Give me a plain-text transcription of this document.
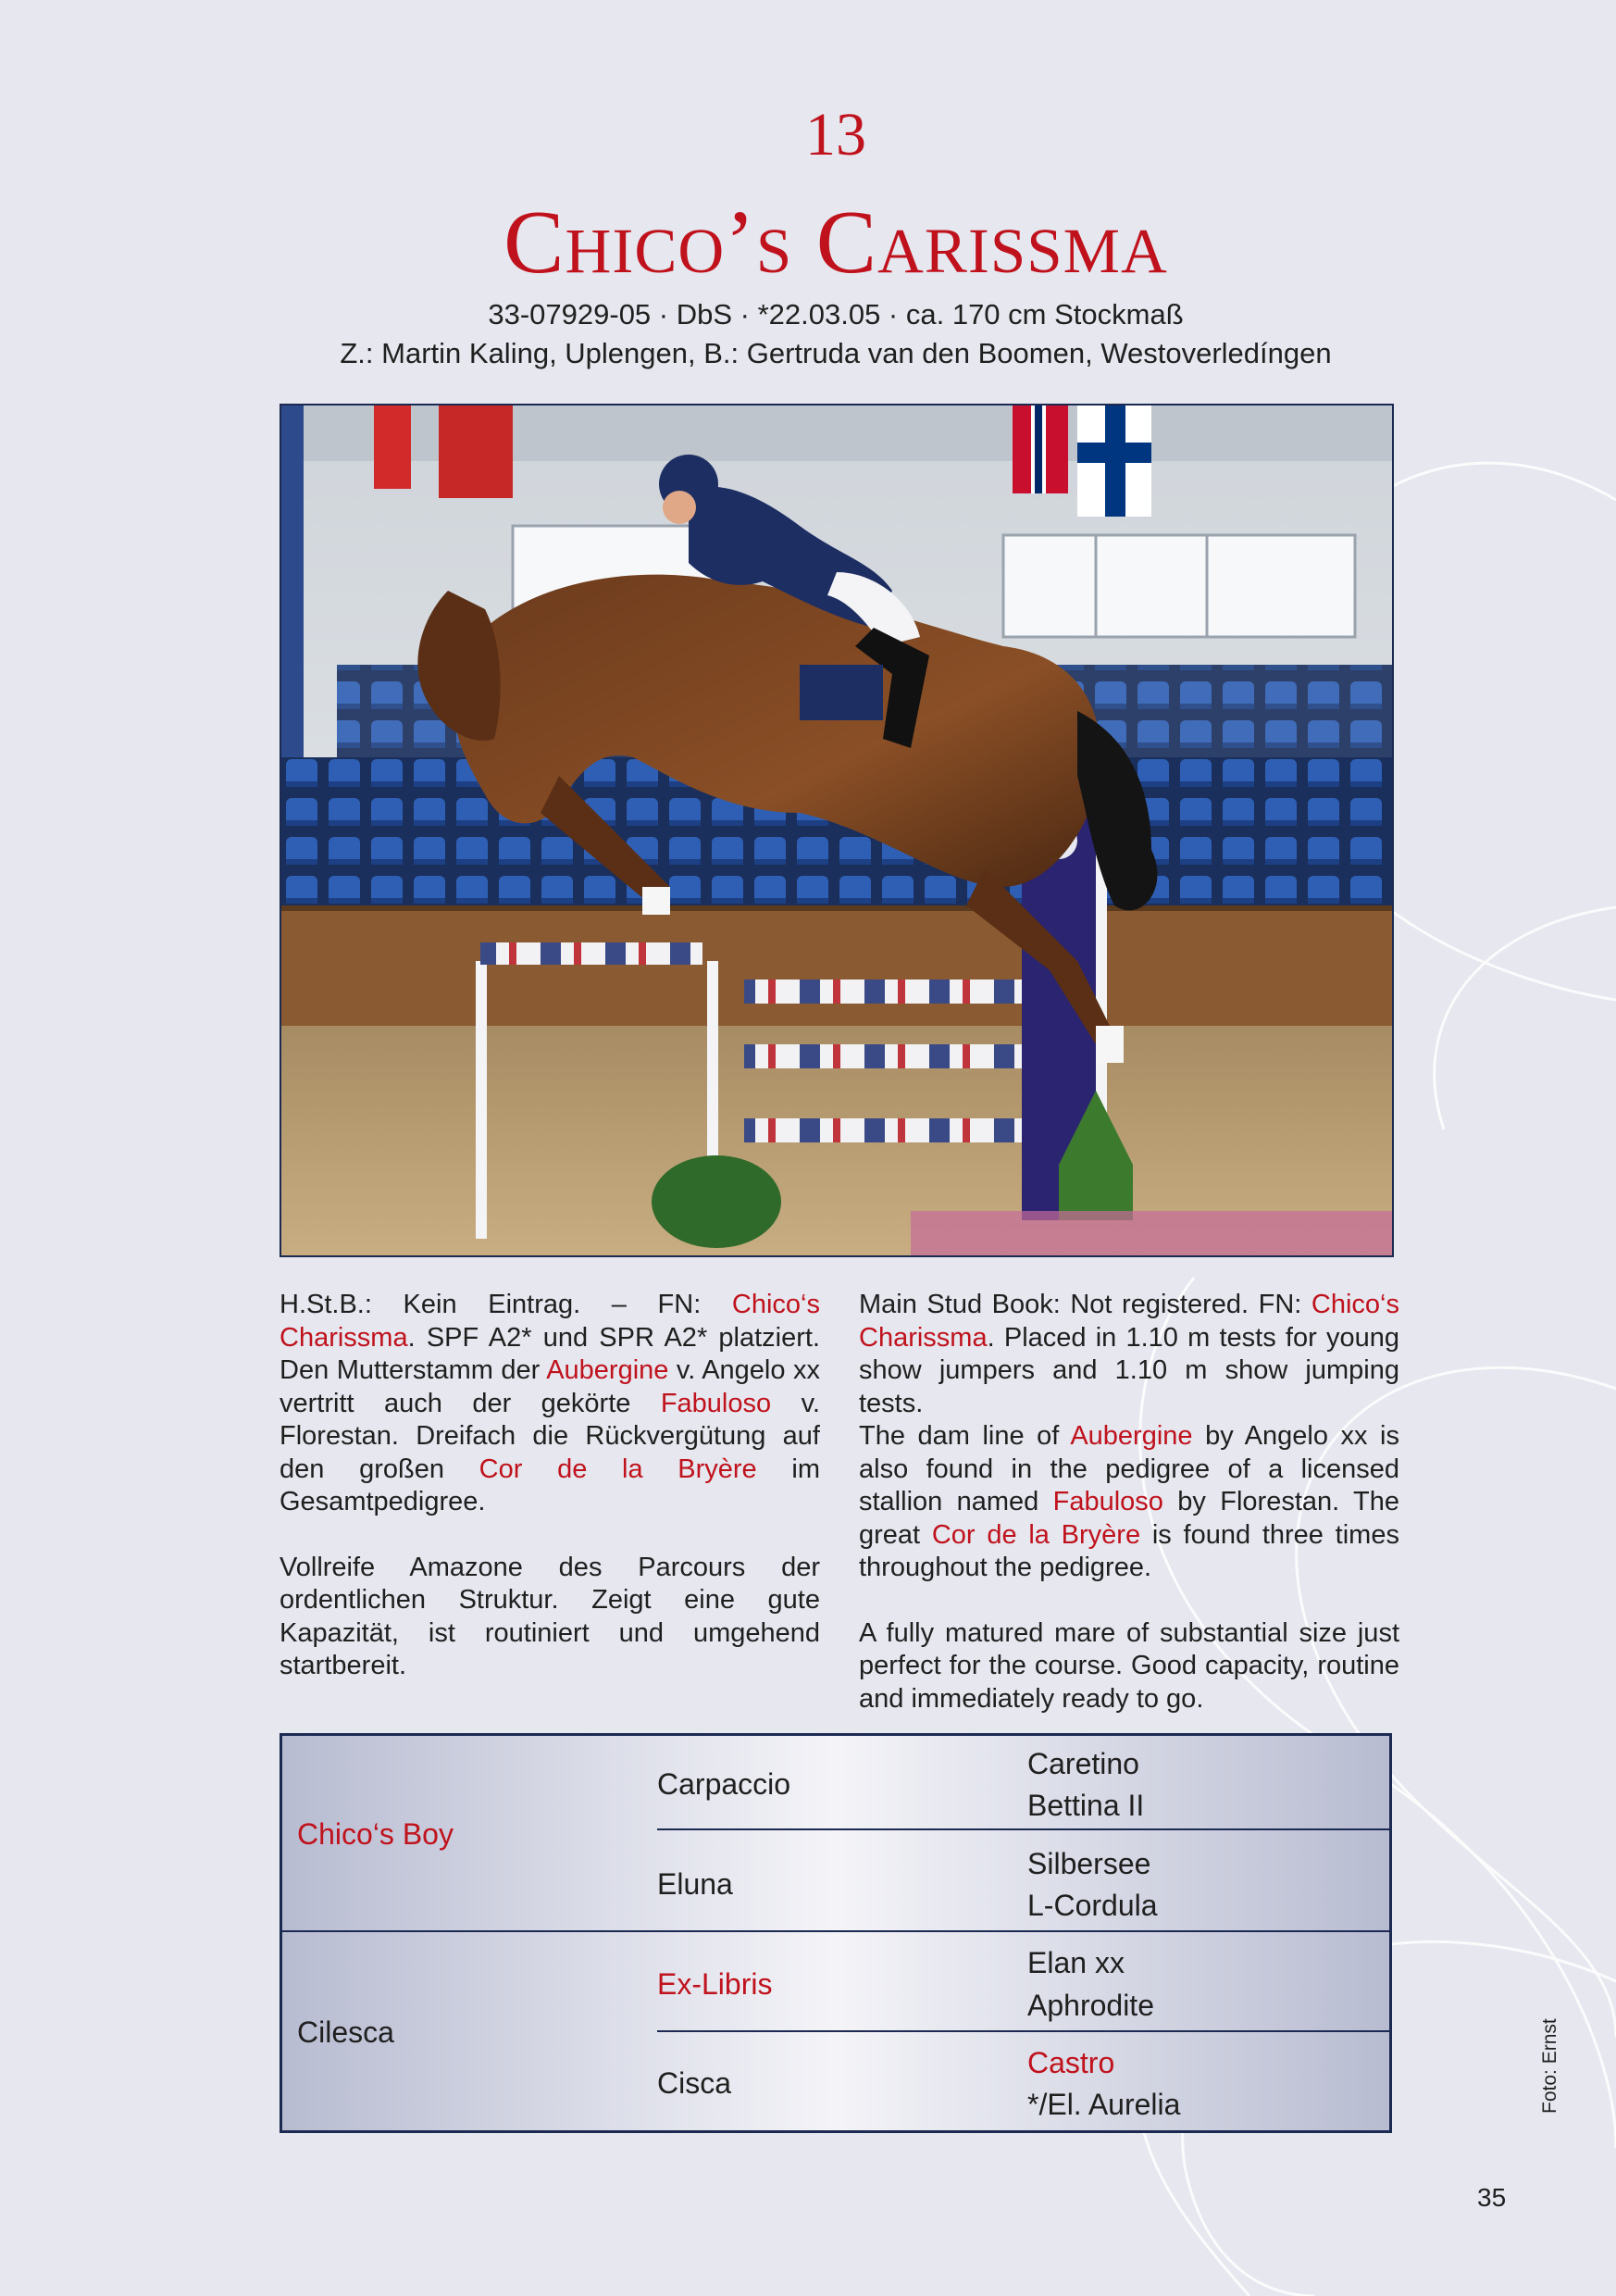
13
Chico’s Carissma
33-07929-05 · DbS · *22.03.05 · ca. 170 cm Stockmaß
Z.: Martin Kaling, Uplengen, B.: Gertruda van den Boomen, Westoverledíngen

H.St.B.: Kein Eintrag. – FN: Chico‘s Charissma. SPF A2* und SPR A2* platziert. Den Mutterstamm der Aubergine v. Angelo xx vertritt auch der gekörte Fabuloso v. Florestan. Dreifach die Rückvergütung auf den großen Cor de la Bryère im Gesamtpedigree.

Vollreife Amazone des Parcours der ordentlichen Struktur. Zeigt eine gute Kapazität, ist routiniert und umgehend startbereit.

Main Stud Book: Not registered. FN: Chico‘s Charissma. Placed in 1.10 m tests for young show jumpers and 1.10 m show jumping tests.

The dam line of Aubergine by Angelo xx is also found in the pedigree of a licensed stallion named Fabuloso by Florestan. The great Cor de la Bryère is found three times throughout the pedigree.

A fully matured mare of substantial size just perfect for the course. Good capacity, routine and immediately ready to go.

Chico‘s Boy
Cilesca
Carpaccio
Eluna
Ex-Libris
Cisca
Caretino
Bettina II
Silbersee
L-Cordula
Elan xx
Aphrodite
Castro
*/El. Aurelia	Foto: Ernst
35
